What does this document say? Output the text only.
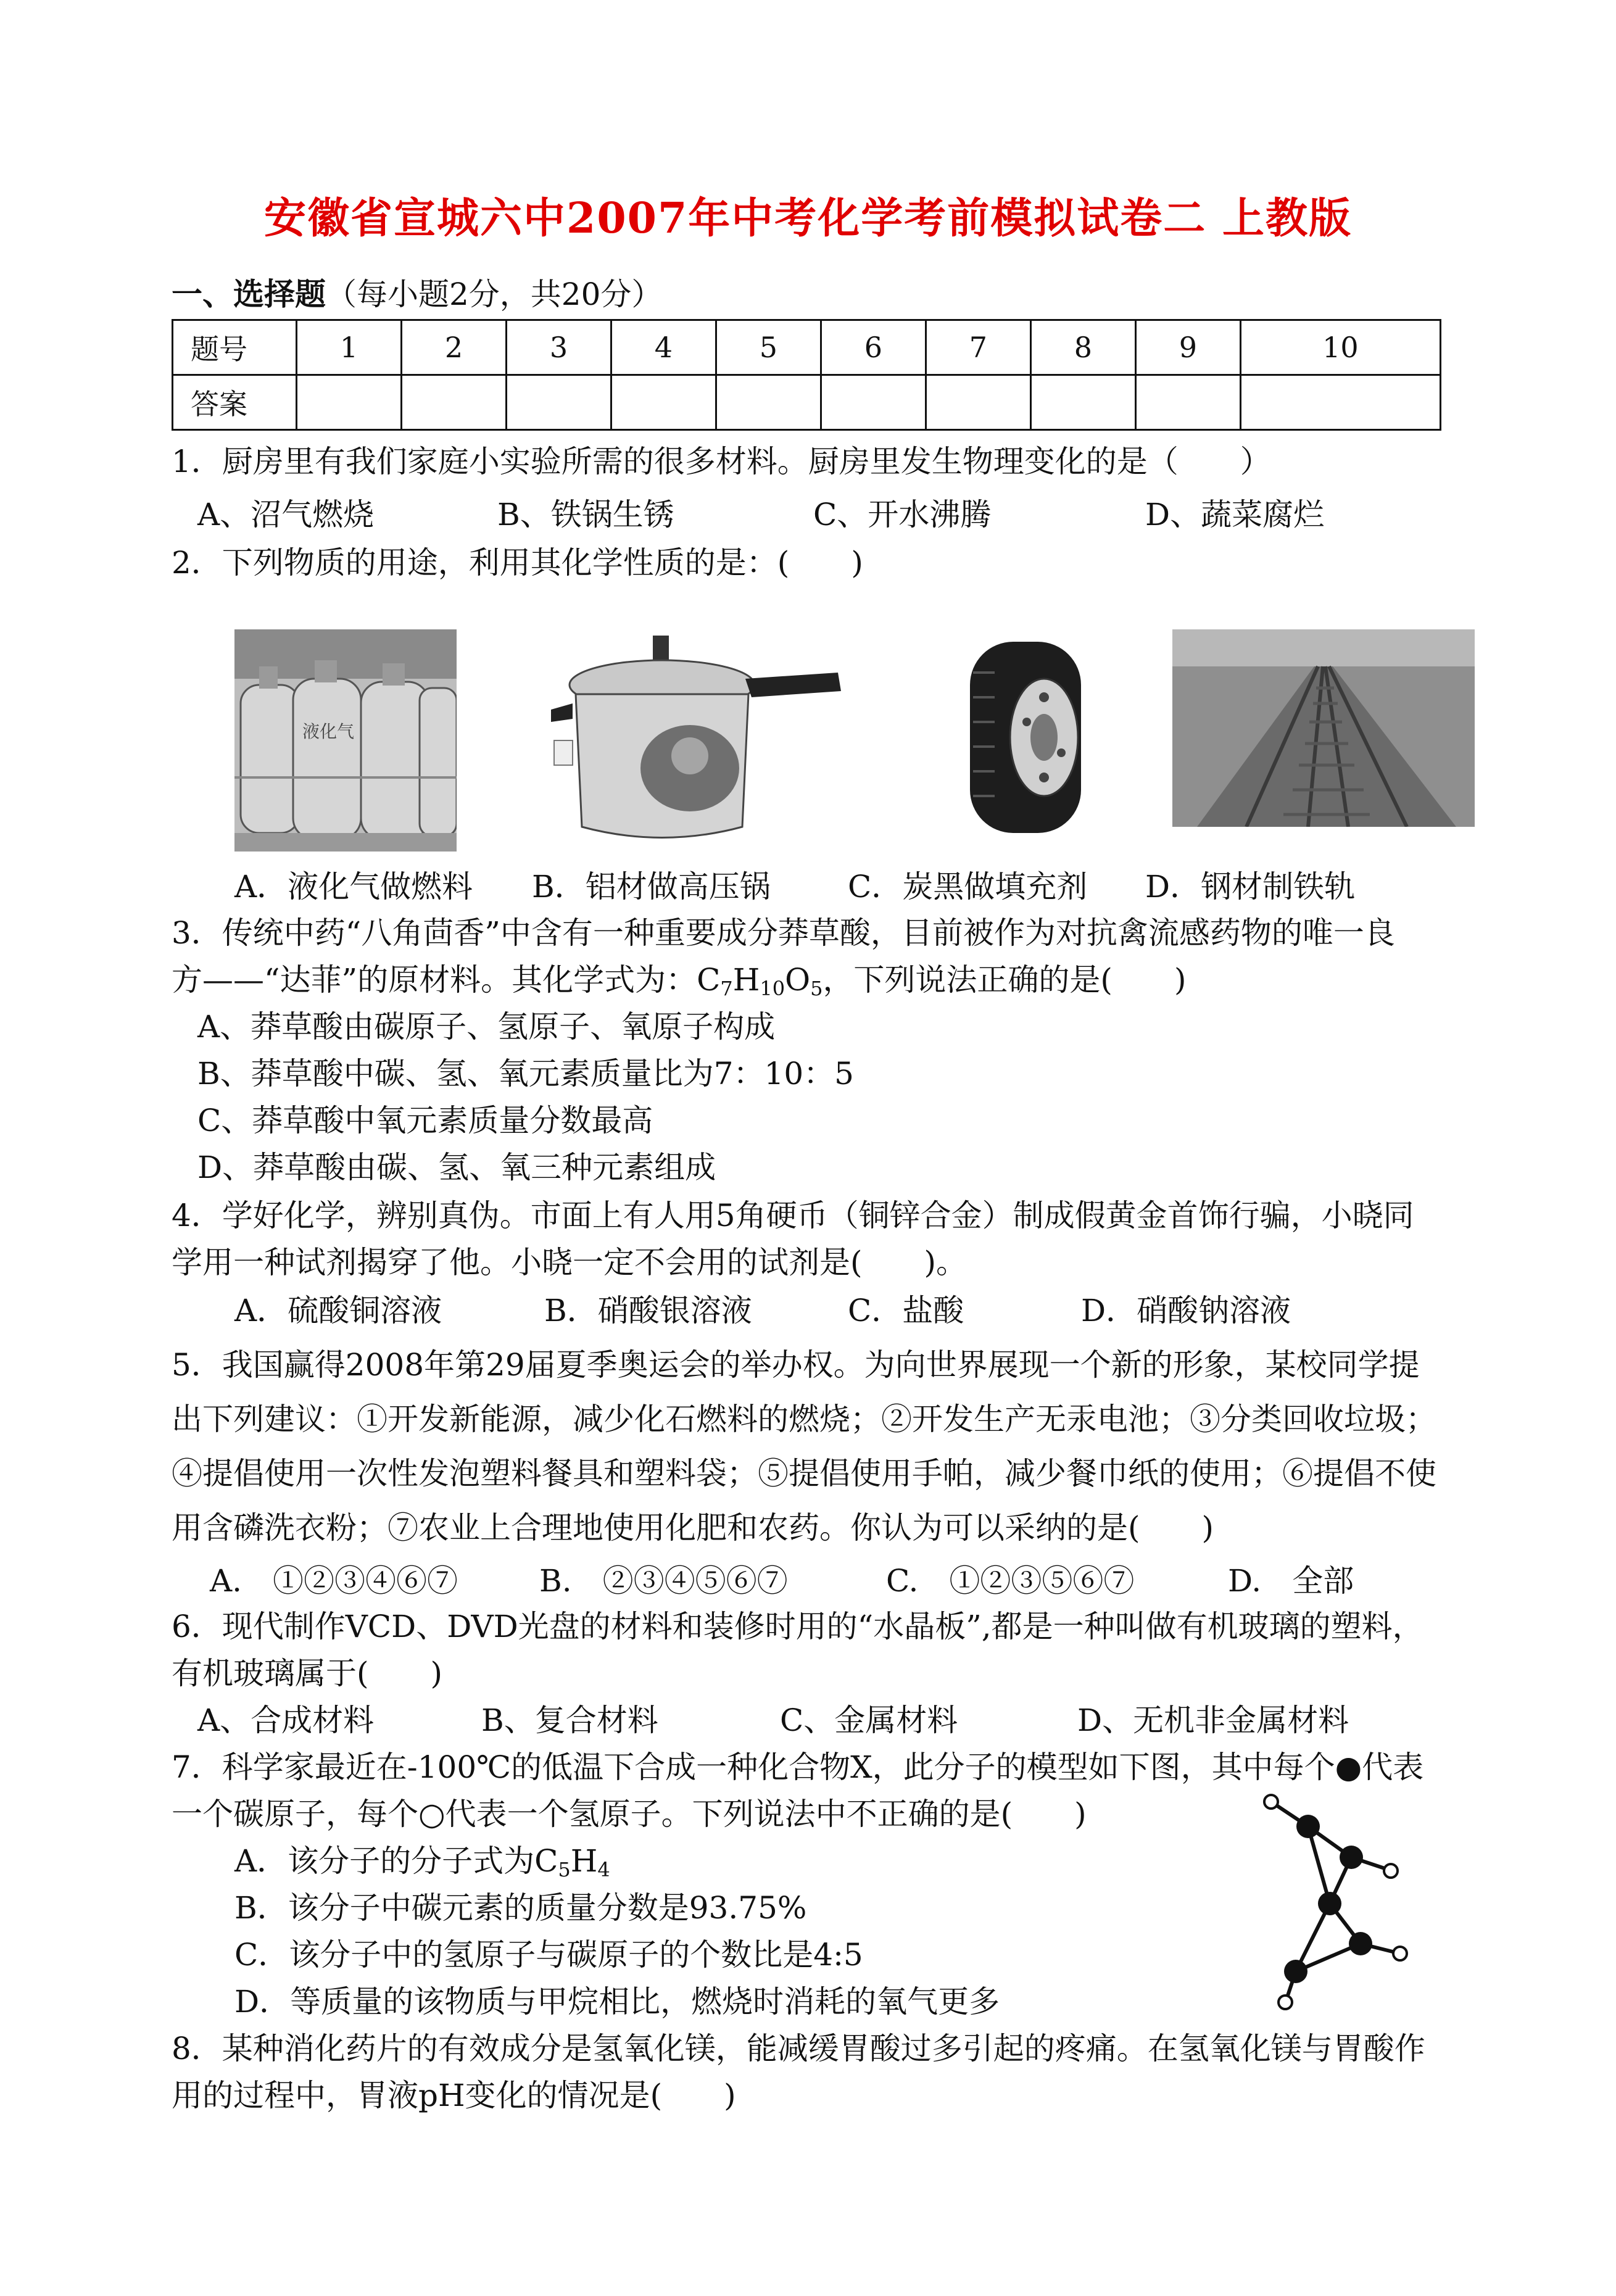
安徽省宣城六中2007年中考化学考前模拟试卷二 上教版
一、选择题（每小题2分，共20分）
题号	1	2	3	4	5	6	7	8	9	10
答案										
1．厨房里有我们家庭小实验所需的很多材料。厨房里发生物理变化的是（　　）
A、沼气燃烧	B、铁锅生锈	C、开水沸腾	D、蔬菜腐烂
2．下列物质的用途，利用其化学性质的是：(　　)
液化气
A．液化气做燃料 B．铝材做高压锅	C．炭黑做填充剂 D．钢材制铁轨
3．传统中药“八角茴香”中含有一种重要成分莽草酸，目前被作为对抗禽流感药物的唯一良
方——“达菲”的原材料。其化学式为：$C_7H_{10}O_5$，下列说法正确的是(　　)
A、莽草酸由碳原子、氢原子、氧原子构成
B、莽草酸中碳、氢、氧元素质量比为7：10：5
C、莽草酸中氧元素质量分数最高
D、莽草酸由碳、氢、氧三种元素组成
4．学好化学，辨别真伪。市面上有人用5角硬币（铜锌合金）制成假黄金首饰行骗，小晓同
学用一种试剂揭穿了他。小晓一定不会用的试剂是(　　)。
A．硫酸铜溶液	B．硝酸银溶液	C．盐酸	D．硝酸钠溶液
5．我国赢得2008年第29届夏季奥运会的举办权。为向世界展现一个新的形象，某校同学提
出下列建议：①开发新能源，减少化石燃料的燃烧；②开发生产无汞电池；③分类回收垃圾；
④提倡使用一次性发泡塑料餐具和塑料袋；⑤提倡使用手帕，减少餐巾纸的使用；⑥提倡不使
用含磷洗衣粉；⑦农业上合理地使用化肥和农药。你认为可以采纳的是(　　)
A.　①②③④⑥⑦	B.　②③④⑤⑥⑦	C.　①②③⑤⑥⑦	D.　全部
6．现代制作VCD、DVD光盘的材料和装修时用的“水晶板”,都是一种叫做有机玻璃的塑料，
有机玻璃属于(　　)
A、合成材料	B、复合材料	C、金属材料	D、无机非金属材料
7．科学家最近在-100℃的低温下合成一种化合物X，此分子的模型如下图，其中每个●代表
一个碳原子，每个○代表一个氢原子。下列说法中不正确的是(　　)
A．该分子的分子式为$C_5H_4$
B．该分子中碳元素的质量分数是93.75%
C．该分子中的氢原子与碳原子的个数比是4:5
D．等质量的该物质与甲烷相比，燃烧时消耗的氧气更多
8．某种消化药片的有效成分是氢氧化镁，能减缓胃酸过多引起的疼痛。在氢氧化镁与胃酸作
用的过程中，胃液pH变化的情况是(　　)
